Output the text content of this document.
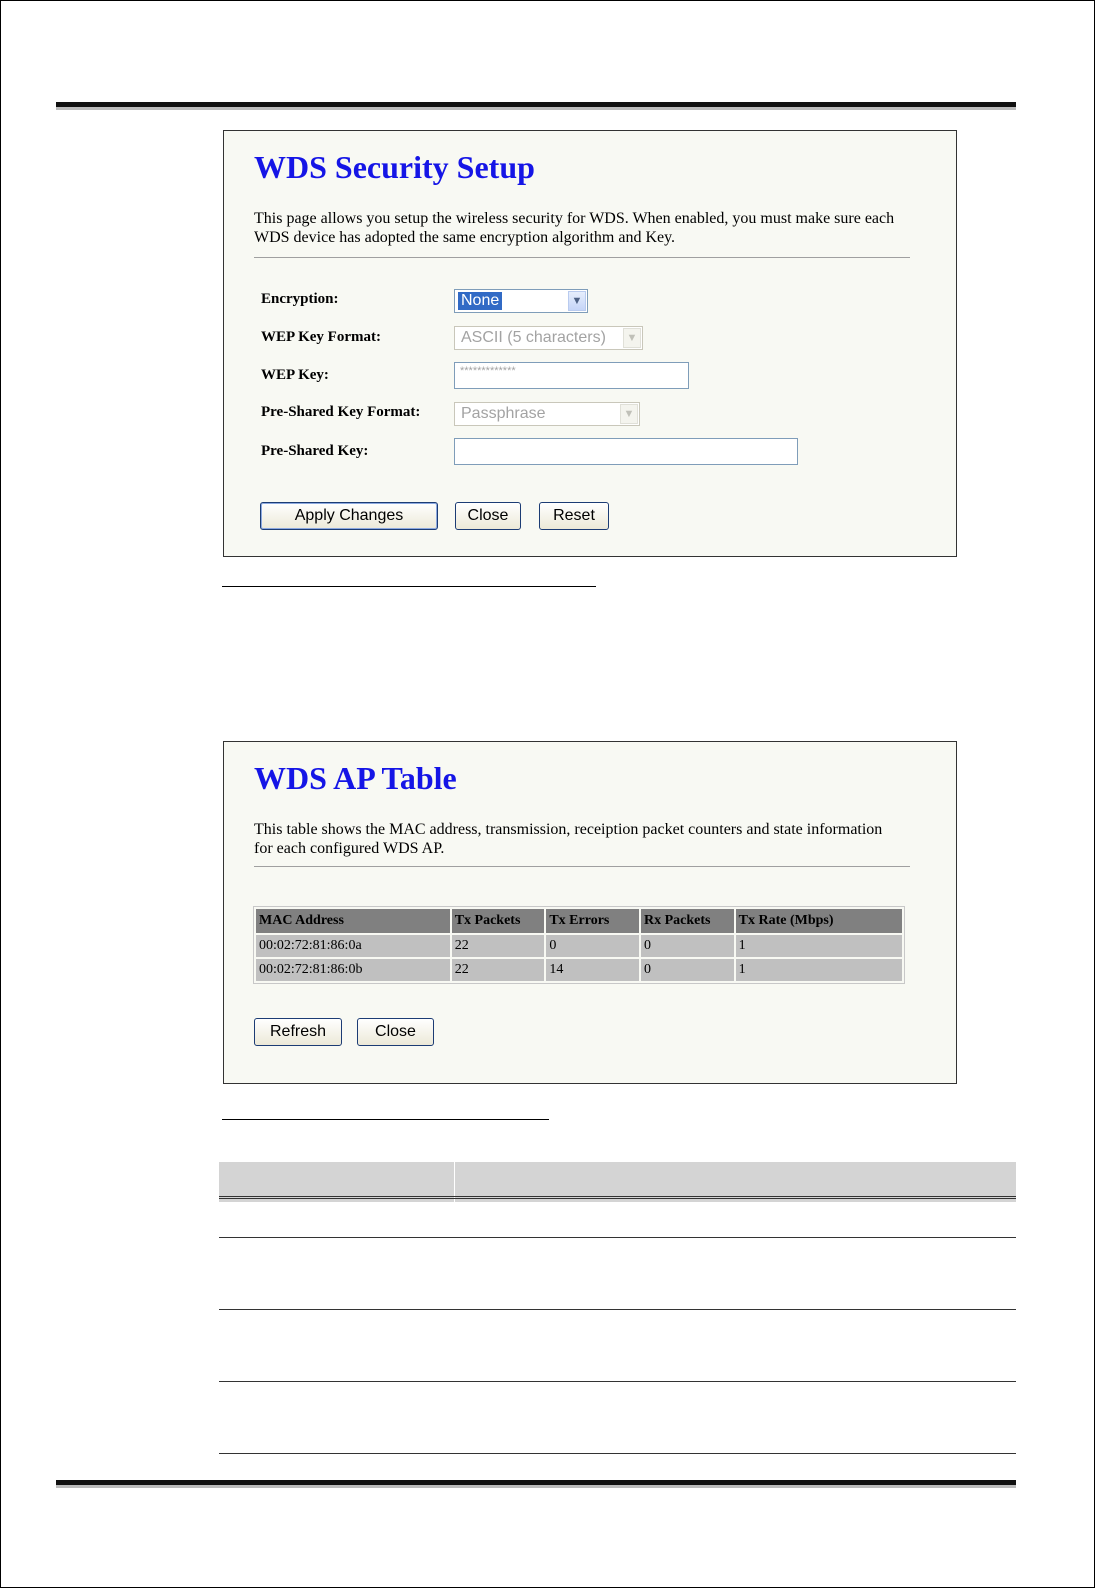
WDS Security Setup

This page allows you setup the wireless security for WDS. When enabled, you must make sure each WDS device has adopted the same encryption algorithm and Key.

Encryption:	None	▼
WEP Key Format:	ASCII (5 characters)	▼
WEP Key:	*************
Pre-Shared Key Format:	Passphrase	▼
Pre-Shared Key:
Apply Changes	Close	Reset
WDS AP Table

This table shows the MAC address, transmission, receiption packet counters and state information for each configured WDS AP.

MAC Address	Tx Packets	Tx Errors	Rx Packets	Tx Rate (Mbps)
00:02:72:81:86:0a	22	0	0	1
00:02:72:81:86:0b	22	14	0	1
Refresh	Close
